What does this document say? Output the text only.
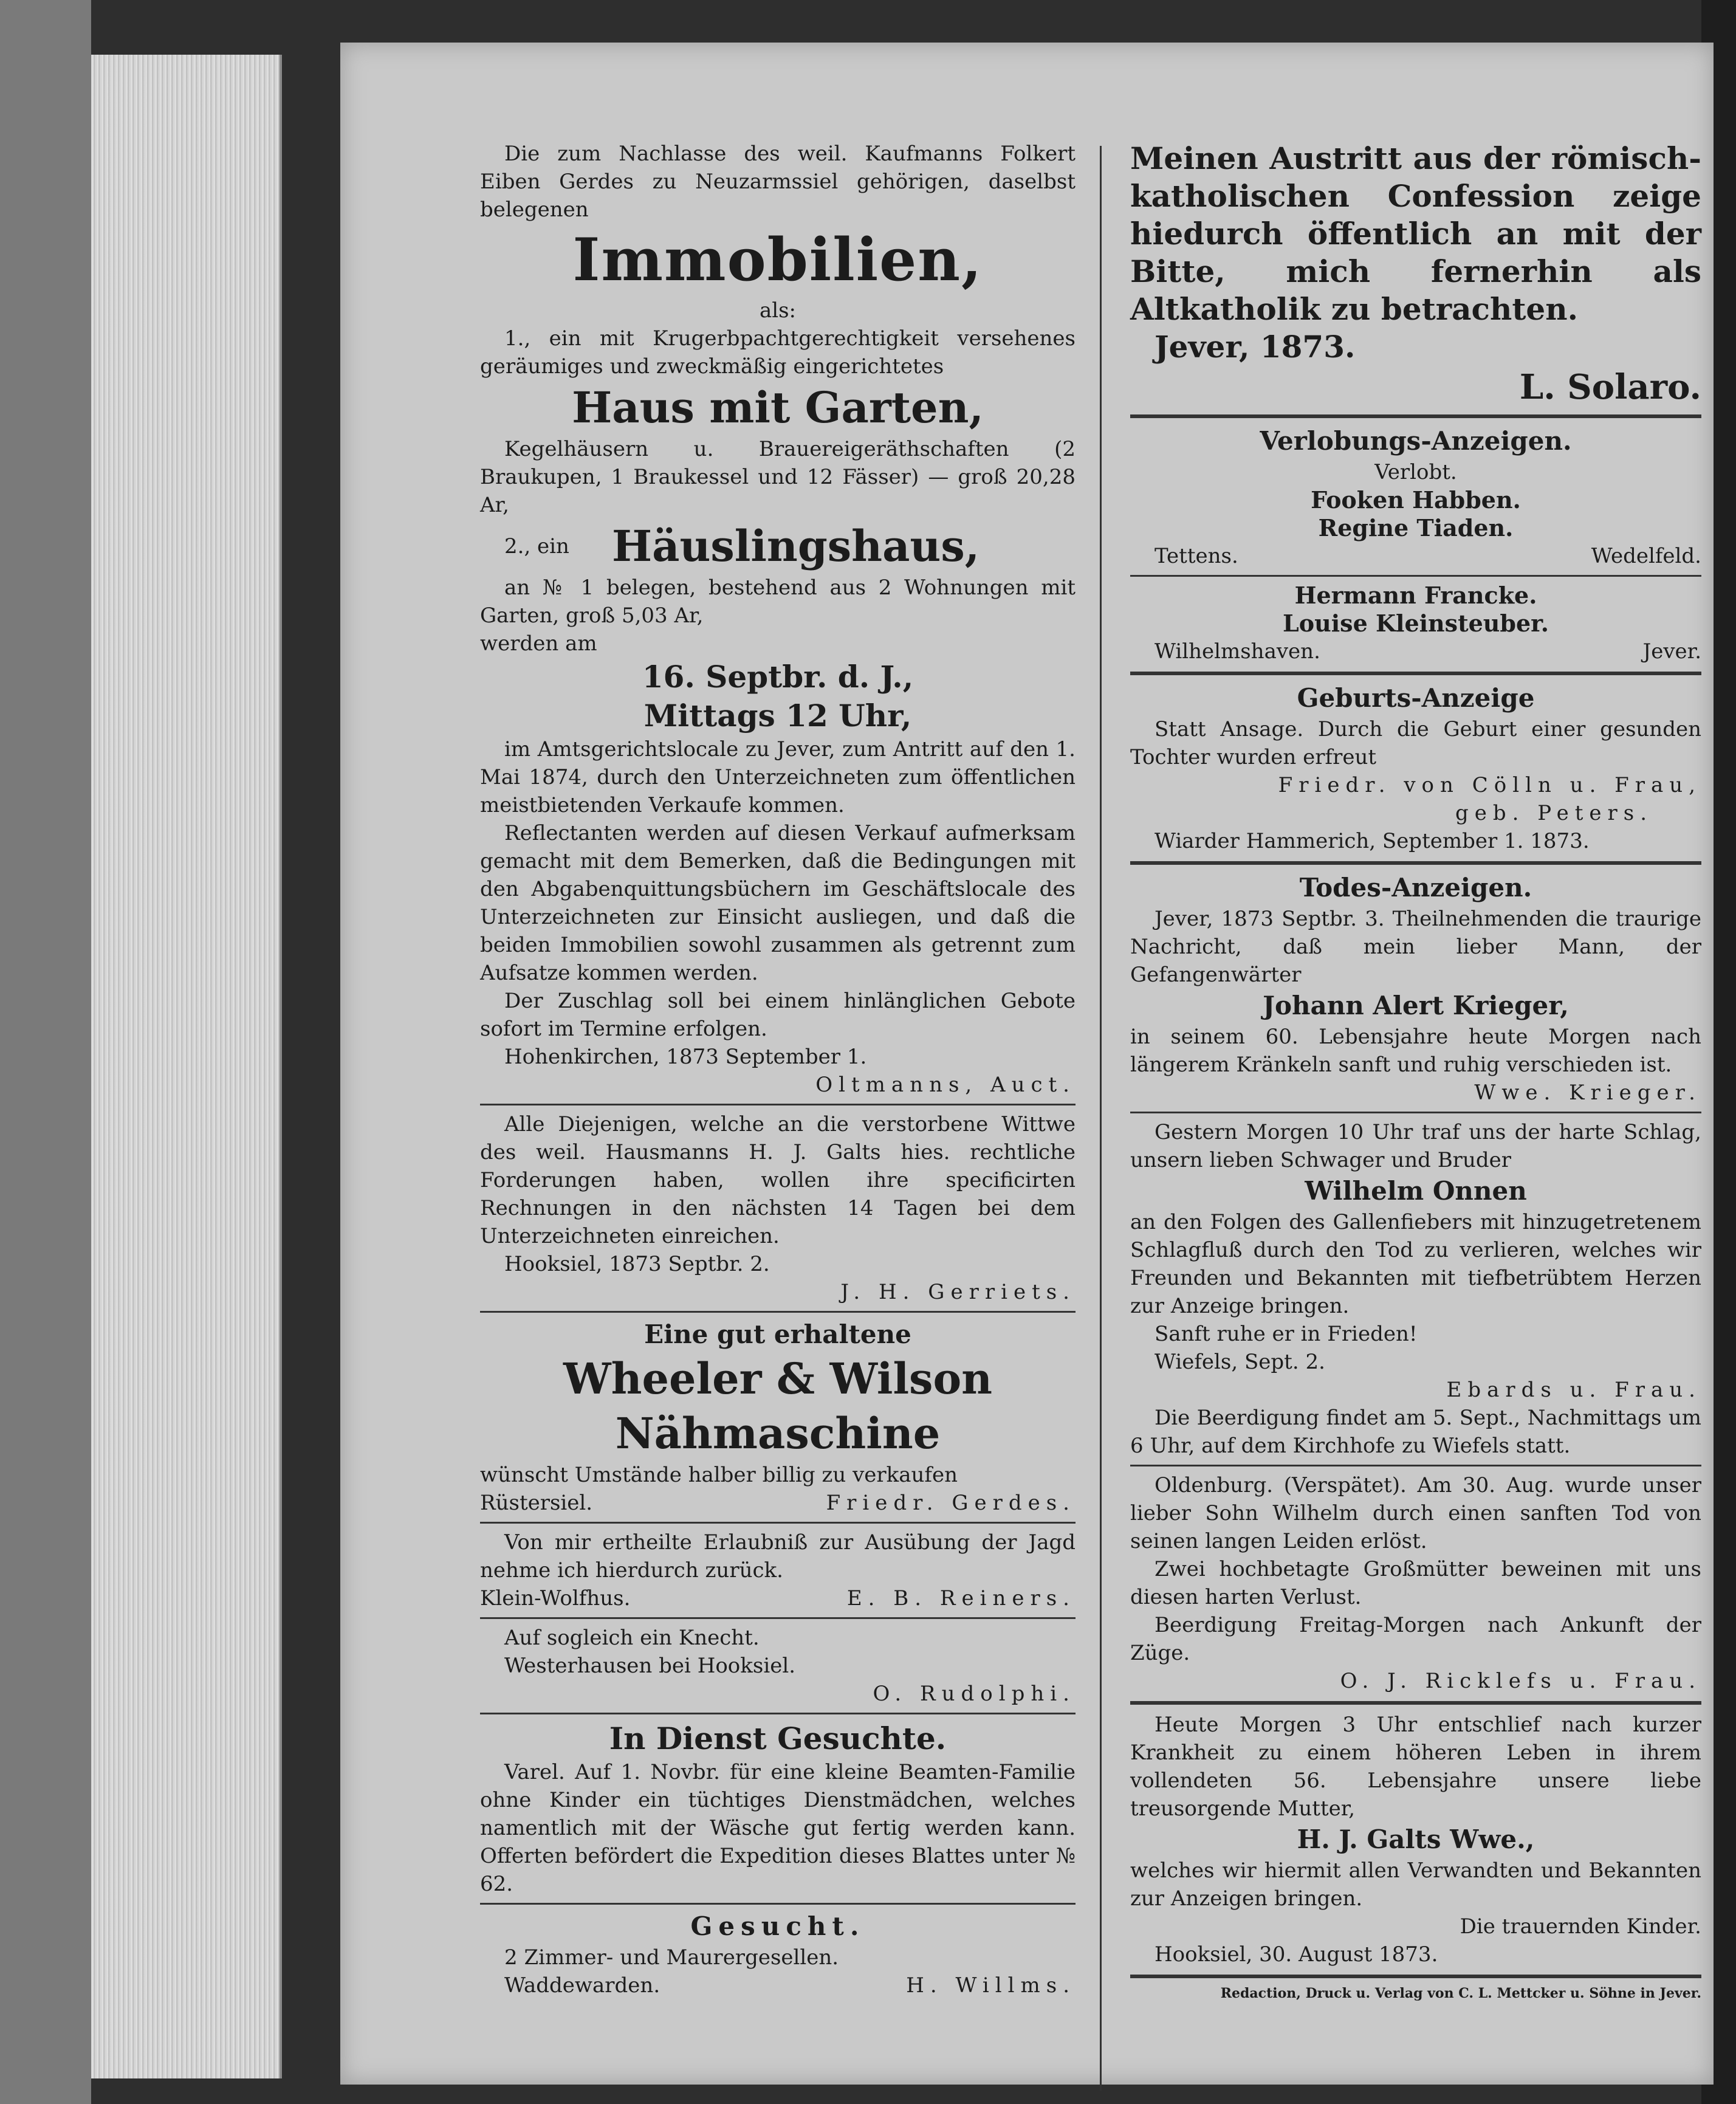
Die zum Nachlasse des weil. Kaufmanns Folkert Eiben Gerdes zu Neuzarmssiel gehörigen, daselbst belegenen

Immobilien,

als:

1., ein mit Krugerbpachtgerechtigkeit versehenes geräumiges und zweckmäßig eingerichtetes

Haus mit Garten,

Kegelhäusern u. Brauereigeräthschaften (2 Braukupen, 1 Braukessel und 12 Fässer) — groß 20,28 Ar,

2., ein	Häuslingshaus,

an № 1 belegen, bestehend aus 2 Wohnungen mit Garten, groß 5,03 Ar,

werden am

16. Septbr. d. J.,

Mittags 12 Uhr,

im Amtsgerichtslocale zu Jever, zum Antritt auf den 1. Mai 1874, durch den Unterzeichneten zum öffentlichen meistbietenden Verkaufe kommen.

Reflectanten werden auf diesen Verkauf aufmerksam gemacht mit dem Bemerken, daß die Bedingungen mit den Abgabenquittungsbüchern im Geschäftslocale des Unterzeichneten zur Einsicht ausliegen, und daß die beiden Immobilien sowohl zusammen als getrennt zum Aufsatze kommen werden.

Der Zuschlag soll bei einem hinlänglichen Gebote sofort im Termine erfolgen.

Hohenkirchen, 1873 September 1.

Oltmanns, Auct.

Alle Diejenigen, welche an die verstorbene Wittwe des weil. Hausmanns H. J. Galts hies. rechtliche Forderungen haben, wollen ihre specificirten Rechnungen in den nächsten 14 Tagen bei dem Unterzeichneten einreichen.

Hooksiel, 1873 Septbr. 2.

J. H. Gerriets.

Eine gut erhaltene

Wheeler & Wilson

Nähmaschine

wünscht Umstände halber billig zu verkaufen

Rüstersiel.	Friedr. Gerdes.

Von mir ertheilte Erlaubniß zur Ausübung der Jagd nehme ich hierdurch zurück.

Klein-Wolfhus.	E. B. Reiners.

Auf sogleich ein Knecht.

Westerhausen bei Hooksiel.

O. Rudolphi.

In Dienst Gesuchte.

Varel. Auf 1. Novbr. für eine kleine Beamten-Familie ohne Kinder ein tüchtiges Dienstmädchen, welches namentlich mit der Wäsche gut fertig werden kann. Offerten befördert die Expedition dieses Blattes unter № 62.

Gesucht.

2 Zimmer- und Maurergesellen.

Waddewarden.	H. Willms.

Meinen Austritt aus der römisch-katholischen Confession zeige hiedurch öffentlich an mit der Bitte, mich fernerhin als Altkatholik zu betrachten.

Jever, 1873.

L. Solaro.

Verlobungs-Anzeigen.

Verlobt.

Fooken Habben.

Regine Tiaden.

Tettens.	Wedelfeld.

Hermann Francke.

Louise Kleinsteuber.

Wilhelmshaven.	Jever.

Geburts-Anzeige

Statt Ansage. Durch die Geburt einer gesunden Tochter wurden erfreut

Friedr. von Cölln u. Frau,

geb. Peters.

Wiarder Hammerich, September 1. 1873.

Todes-Anzeigen.

Jever, 1873 Septbr. 3. Theilnehmenden die traurige Nachricht, daß mein lieber Mann, der Gefangenwärter

Johann Alert Krieger,

in seinem 60. Lebensjahre heute Morgen nach längerem Kränkeln sanft und ruhig verschieden ist.

Wwe. Krieger.

Gestern Morgen 10 Uhr traf uns der harte Schlag, unsern lieben Schwager und Bruder

Wilhelm Onnen

an den Folgen des Gallenfiebers mit hinzugetretenem Schlagfluß durch den Tod zu verlieren, welches wir Freunden und Bekannten mit tiefbetrübtem Herzen zur Anzeige bringen.

Sanft ruhe er in Frieden!

Wiefels, Sept. 2.

Ebards u. Frau.

Die Beerdigung findet am 5. Sept., Nachmittags um 6 Uhr, auf dem Kirchhofe zu Wiefels statt.

Oldenburg. (Verspätet). Am 30. Aug. wurde unser lieber Sohn Wilhelm durch einen sanften Tod von seinen langen Leiden erlöst.

Zwei hochbetagte Großmütter beweinen mit uns diesen harten Verlust.

Beerdigung Freitag-Morgen nach Ankunft der Züge.

O. J. Ricklefs u. Frau.

Heute Morgen 3 Uhr entschlief nach kurzer Krankheit zu einem höheren Leben in ihrem vollendeten 56. Lebensjahre unsere liebe treusorgende Mutter,

H. J. Galts Wwe.,

welches wir hiermit allen Verwandten und Bekannten zur Anzeigen bringen.

Die trauernden Kinder.

Hooksiel, 30. August 1873.

Redaction, Druck u. Verlag von C. L. Mettcker u. Söhne in Jever.
